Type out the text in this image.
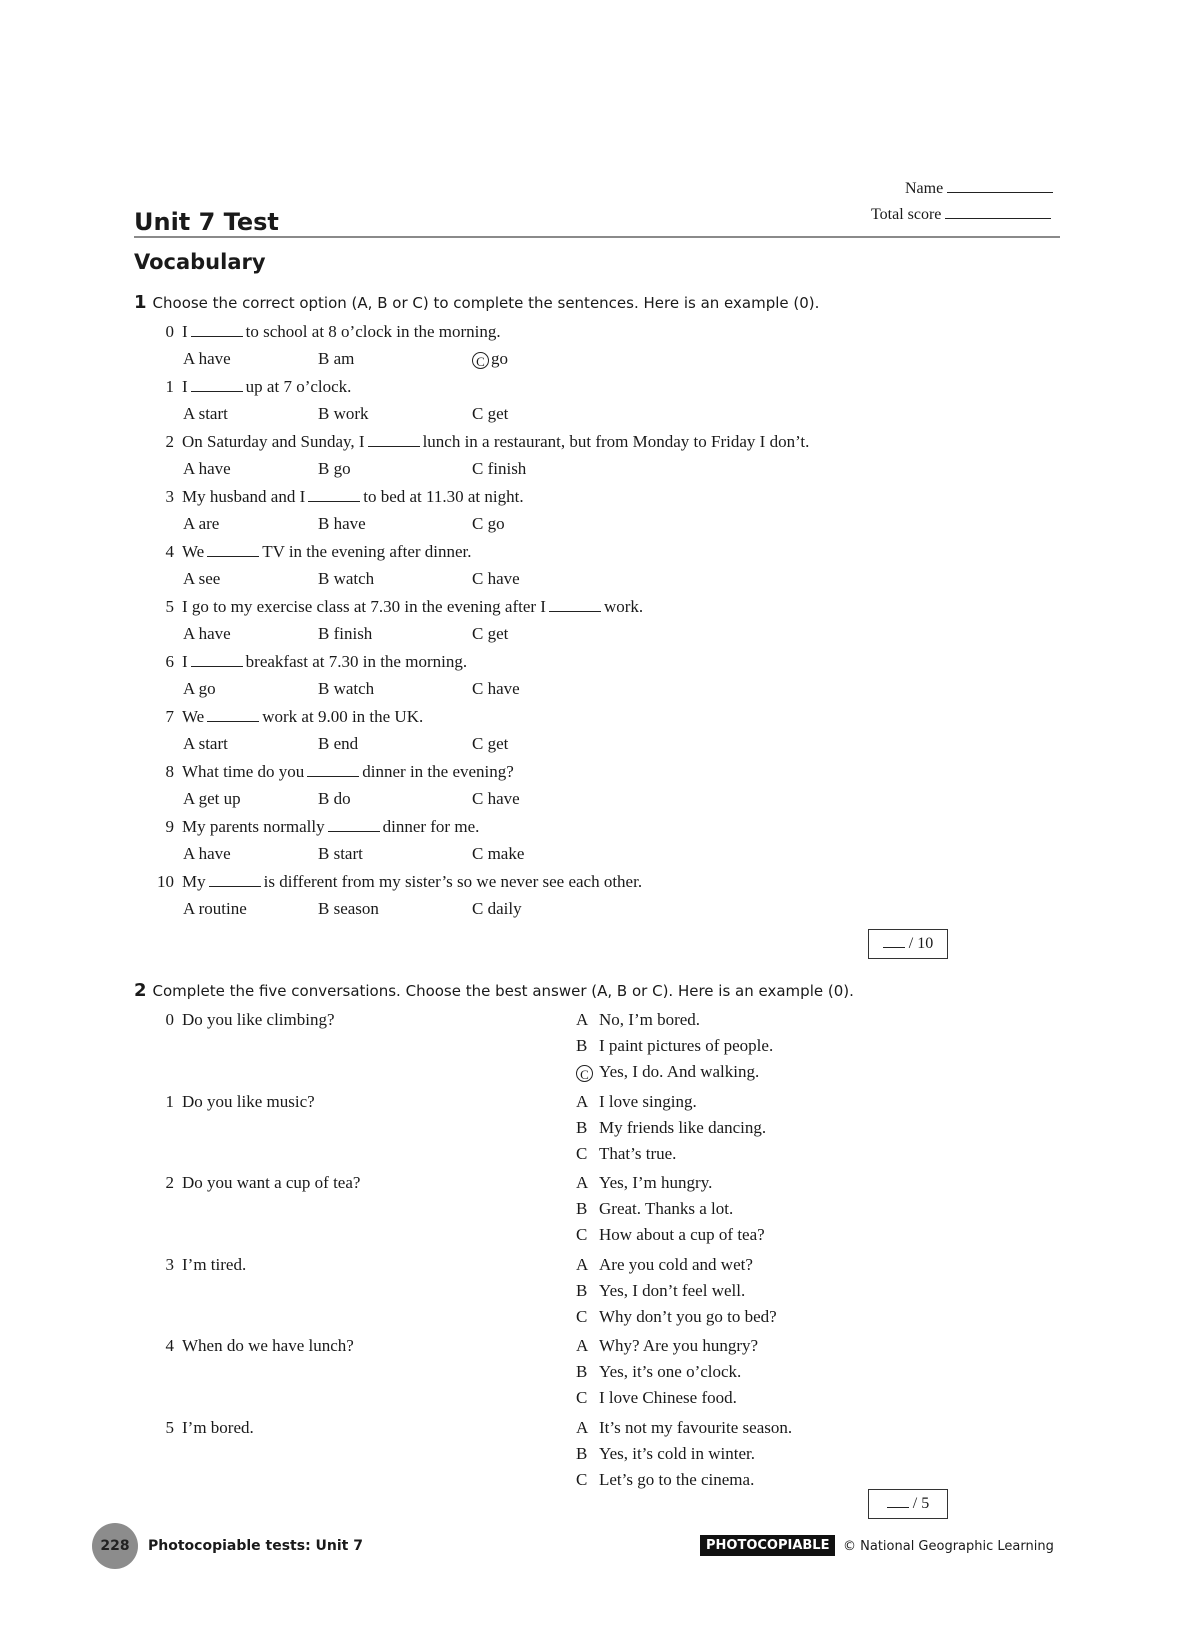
Name
Total score
Unit 7 Test
Vocabulary
1 Choose the correct option (A, B or C) to complete the sentences. Here is an example (0).
0 I	to school at 8 o’clock in the morning.
A have	B am	C go
1 I	up at 7 o’clock.
A start	B work	C get
2 On Saturday and Sunday, I	lunch in a restaurant, but from Monday to Friday I don’t.
A have	B go	C finish
3 My husband and I	to bed at 11.30 at night.
A are	B have	C go
4 We	TV in the evening after dinner.
A see	B watch	C have
5 I go to my exercise class at 7.30 in the evening after I	work.
A have	B finish	C get
6 I	breakfast at 7.30 in the morning.
A go	B watch	C have
7 We	work at 9.00 in the UK.
A start	B end	C get
8 What time do you	dinner in the evening?
A get up	B do	C have
9 My parents normally	dinner for me.
A have	B start	C make
10 My	is different from my sister’s so we never see each other.
A routine	B season	C daily
/ 10
2 Complete the five conversations. Choose the best answer (A, B or C). Here is an example (0).
0 Do you like climbing?	A No, I’m bored.
B I paint pictures of people.
C Yes, I do. And walking.
1 Do you like music?	A I love singing.
B My friends like dancing.
C That’s true.
2 Do you want a cup of tea?	A Yes, I’m hungry.
B Great. Thanks a lot.
C How about a cup of tea?
3 I’m tired.	A Are you cold and wet?
B Yes, I don’t feel well.
C Why don’t you go to bed?
4 When do we have lunch?	A Why? Are you hungry?
B Yes, it’s one o’clock.
C I love Chinese food.
5 I’m bored.	A It’s not my favourite season.
B Yes, it’s cold in winter.
C Let’s go to the cinema.
/ 5
228	Photocopiable tests: Unit 7	PHOTOCOPIABLE	© National Geographic Learning
